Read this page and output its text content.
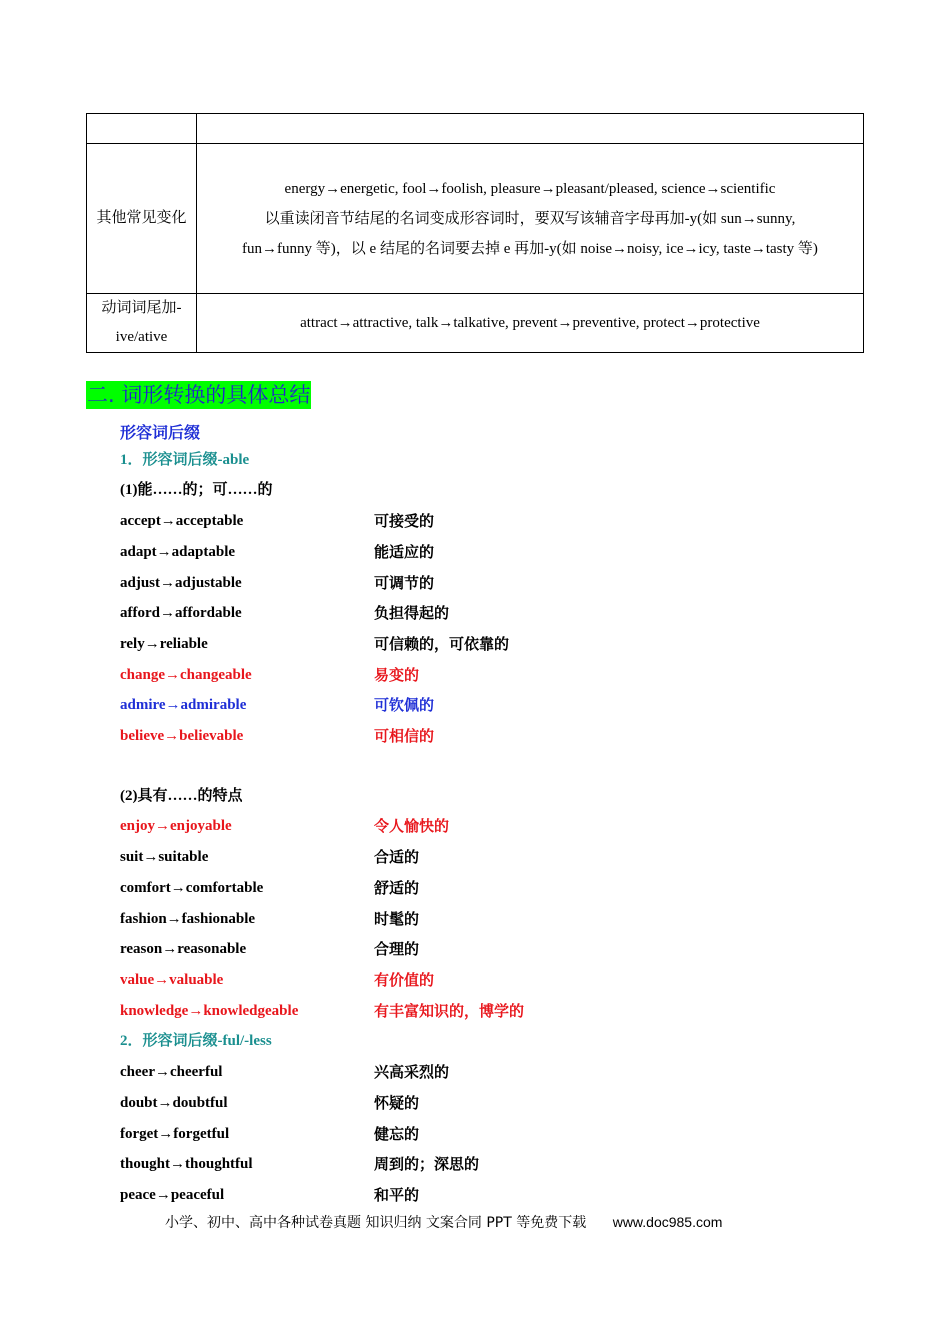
其他常见变化	energy→energetic, fool→foolish, pleasure→pleasant/pleased, science→scientific
以重读闭音节结尾的名词变成形容词时，要双写该辅音字母再加-y(如 sun→sunny,
fun→funny 等)，以 e 结尾的名词要去掉 e 再加-y(如 noise→noisy, ice→icy, taste→tasty 等)

动词词尾加-ive/ative	attract→attractive, talk→talkative, prevent→preventive, protect→protective
二. 词形转换的具体总结
形容词后缀
1．形容词后缀-able
(1)能……的；可……的
accept→acceptable	可接受的
adapt→adaptable	能适应的
adjust→adjustable	可调节的
afford→affordable	负担得起的
rely→reliable	可信赖的，可依靠的
change→changeable	易变的
admire→admirable	可钦佩的
believe→believable	可相信的
(2)具有……的特点
enjoy→enjoyable	令人愉快的
suit→suitable	合适的
comfort→comfortable	舒适的
fashion→fashionable	时髦的
reason→reasonable	合理的
value→valuable	有价值的
knowledge→knowledgeable	有丰富知识的，博学的
2．形容词后缀-ful/-less
cheer→cheerful	兴高采烈的
doubt→doubtful	怀疑的
forget→forgetful	健忘的
thought→thoughtful	周到的；深思的
peace→peaceful	和平的
小学、初中、高中各种试卷真题 知识归纳 文案合同 PPT 等免费下载 www.doc985.com
